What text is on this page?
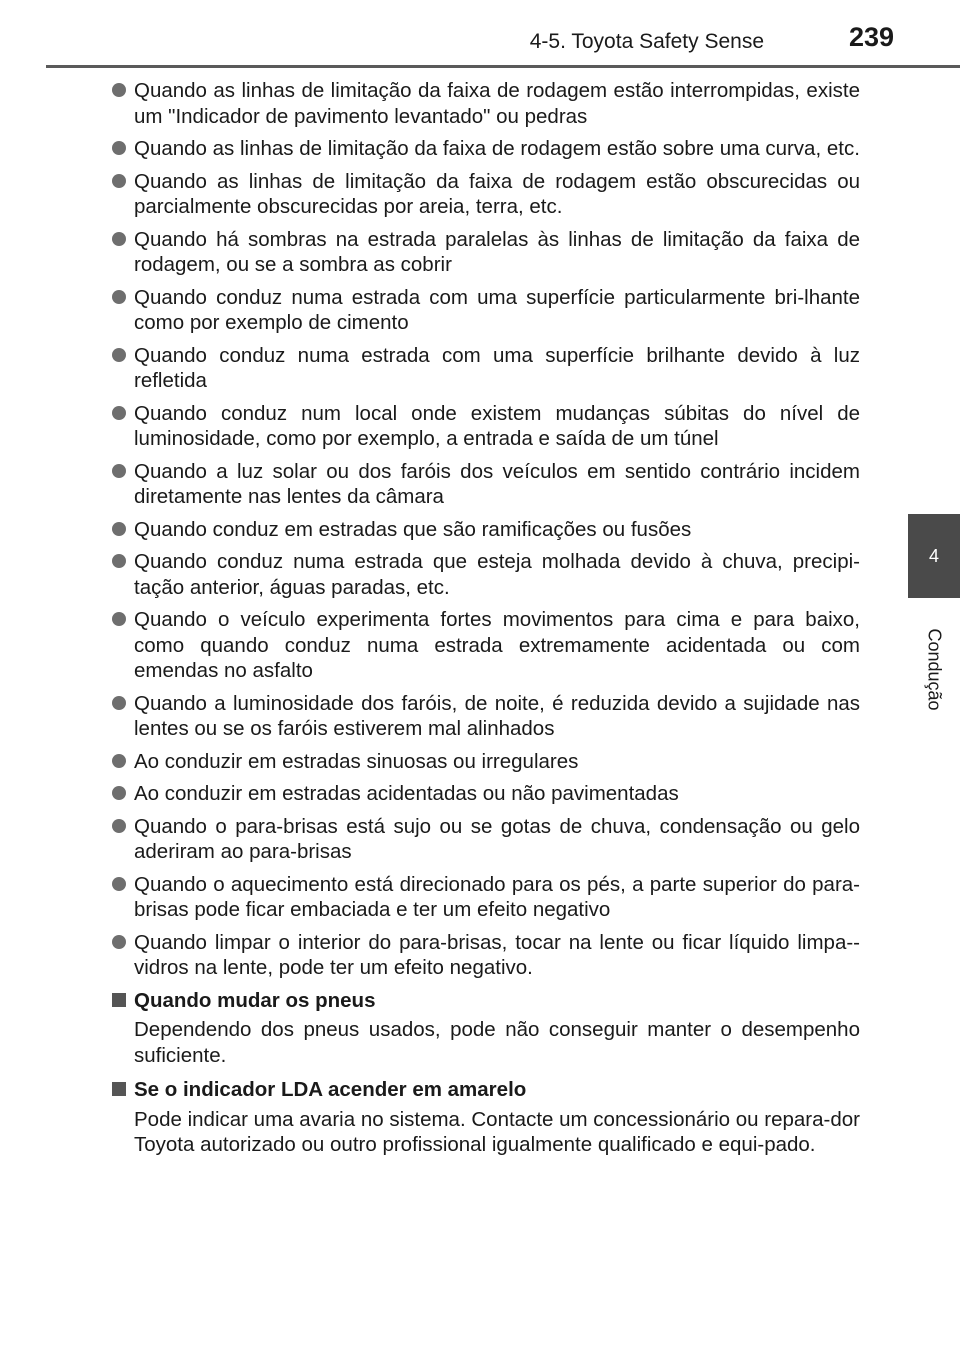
4-5. Toyota Safety Sense	239
4
Condução
Quando as linhas de limitação da faixa de rodagem estão interrompidas, existe um "Indicador de pavimento levantado" ou pedras
Quando as linhas de limitação da faixa de rodagem estão sobre uma curva, etc.
Quando as linhas de limitação da faixa de rodagem estão obscurecidas ou parcialmente obscurecidas por areia, terra, etc.
Quando há sombras na estrada paralelas às linhas de limitação da faixa de rodagem, ou se a sombra as cobrir
Quando conduz numa estrada com uma superfície particularmente bri-lhante como por exemplo de cimento
Quando conduz numa estrada com uma superfície brilhante devido à luz refletida
Quando conduz num local onde existem mudanças súbitas do nível de luminosidade, como por exemplo, a entrada e saída de um túnel
Quando a luz solar ou dos faróis dos veículos em sentido contrário incidem diretamente nas lentes da câmara
Quando conduz em estradas que são ramificações ou fusões
Quando conduz numa estrada que esteja molhada devido à chuva, precipi-tação anterior, águas paradas, etc.
Quando o veículo experimenta fortes movimentos para cima e para baixo, como quando conduz numa estrada extremamente acidentada ou com emendas no asfalto
Quando a luminosidade dos faróis, de noite, é reduzida devido a sujidade nas lentes ou se os faróis estiverem mal alinhados
Ao conduzir em estradas sinuosas ou irregulares
Ao conduzir em estradas acidentadas ou não pavimentadas
Quando o para-brisas está sujo ou se gotas de chuva, condensação ou gelo aderiram ao para-brisas
Quando o aquecimento está direcionado para os pés, a parte superior do para-brisas pode ficar embaciada e ter um efeito negativo
Quando limpar o interior do para-brisas, tocar na lente ou ficar líquido limpa--vidros na lente, pode ter um efeito negativo.
Quando mudar os pneus
Dependendo dos pneus usados, pode não conseguir manter o desempenho suficiente.
Se o indicador LDA acender em amarelo
Pode indicar uma avaria no sistema. Contacte um concessionário ou repara-dor Toyota autorizado ou outro profissional igualmente qualificado e equi-pado.
